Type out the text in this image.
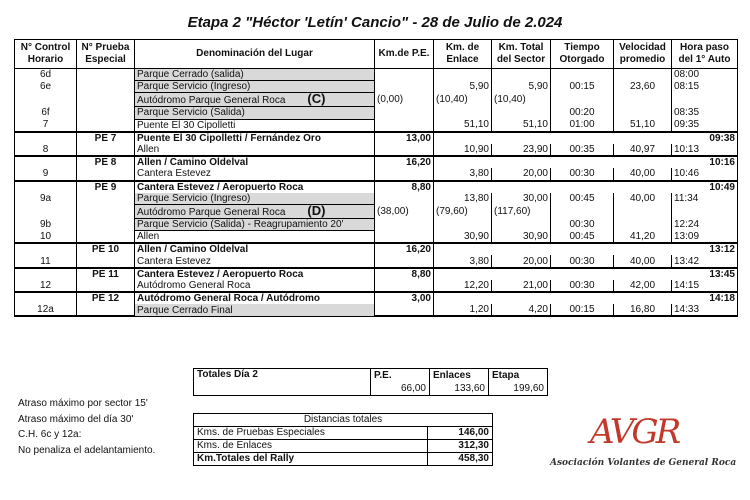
Etapa 2 "Héctor 'Letín' Cancio" - 28 de Julio de 2.024
N° Control Horario	N° Prueba Especial	Denominación del Lugar	Km.de P.E.	Km. de Enlace	Km. Total del Sector	Tiempo Otorgado	Velocidad promedio	Hora paso del 1° Auto
6d		Parque Cerrado (salida)						08:00
6e		Parque Servicio (Ingreso)		5,90	5,90	00:15	23,60	08:15
		Autódromo Parque General Roca (C)	(0,00)	(10,40)	(10,40)			
6f		Parque Servicio (Salida)				00:20		08:35
7		Puente El 30 Cipolletti		51,10	51,10	01:00	51,10	09:35
	PE 7	Puente El 30 Cipolletti / Fernández Oro	13,00					09:38
8		Allen		10,90	23,90	00:35	40,97	10:13
	PE 8	Allen / Camino Oldelval	16,20					10:16
9		Cantera Estevez		3,80	20,00	00:30	40,00	10:46
	PE 9	Cantera Estevez / Aeropuerto Roca	8,80					10:49
9a		Parque Servicio (Ingreso)		13,80	30,00	00:45	40,00	11:34
		Autódromo Parque General Roca (D)	(38,00)	(79,60)	(117,60)			
9b		Parque Servicio (Salida) - Reagrupamiento 20'				00:30		12:24
10		Allen		30,90	30,90	00:45	41,20	13:09
	PE 10	Allen / Camino Oldelval	16,20					13:12
11		Cantera Estevez		3,80	20,00	00:30	40,00	13:42
	PE 11	Cantera Estevez / Aeropuerto Roca	8,80					13:45
12		Autódromo General Roca		12,20	21,00	00:30	42,00	14:15
	PE 12	Autódromo General Roca / Autódromo	3,00					14:18
12a		Parque Cerrado Final		1,20	4,20	00:15	16,80	14:33
Totales Día 2	P.E.	Enlaces	Etapa
	66,00	133,60	199,60
Atraso máximo por sector 15'
Atraso máximo del día 30'
C.H. 6c y 12a:
No penaliza el adelantamiento.
Distancias totales	
Kms. de Pruebas Especiales	146,00
Kms. de Enlaces	312,30
Km.Totales del Rally	458,30
AVGR
Asociación Volantes de General Roca
